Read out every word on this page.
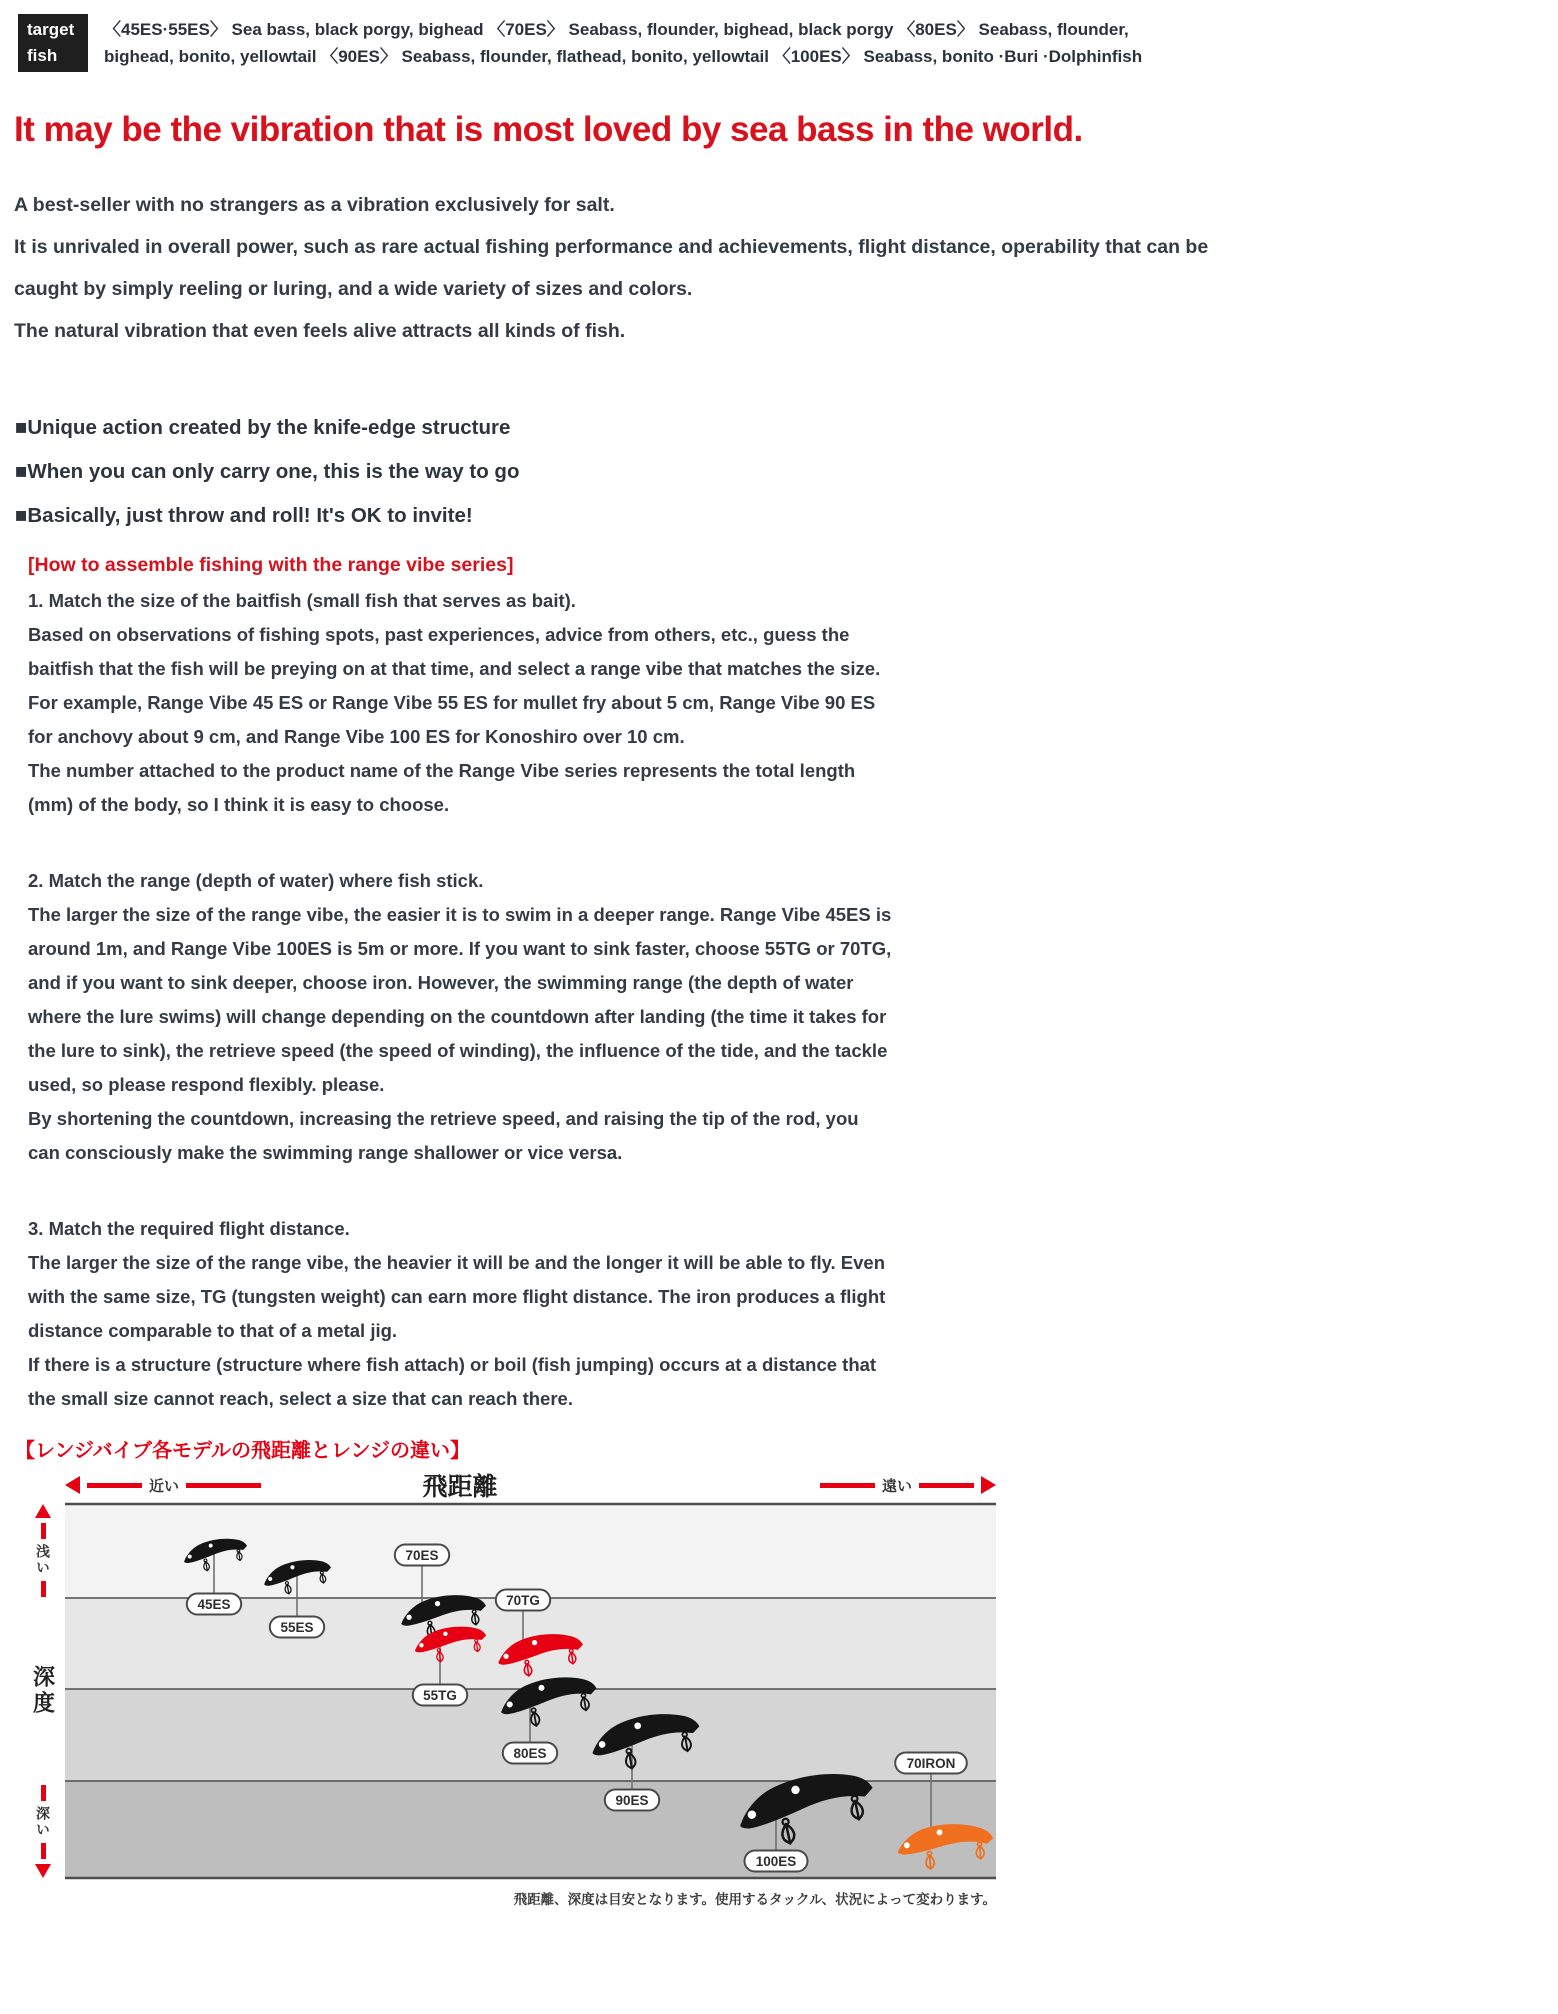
target
fish
〈45ES·55ES〉 Sea bass, black porgy, bighead 〈70ES〉 Seabass, flounder, bighead, black porgy 〈80ES〉 Seabass, flounder, bighead, bonito, yellowtail 〈90ES〉 Seabass, flounder, flathead, bonito, yellowtail 〈100ES〉 Seabass, bonito ·Buri ·Dolphinfish
It may be the vibration that is most loved by sea bass in the world.
A best-seller with no strangers as a vibration exclusively for salt.
It is unrivaled in overall power, such as rare actual fishing performance and achievements, flight distance, operability that can be caught by simply reeling or luring, and a wide variety of sizes and colors.
The natural vibration that even feels alive attracts all kinds of fish.
■Unique action created by the knife-edge structure
■When you can only carry one, this is the way to go
■Basically, just throw and roll! It's OK to invite!
[How to assemble fishing with the range vibe series]
1. Match the size of the baitfish (small fish that serves as bait).
Based on observations of fishing spots, past experiences, advice from others, etc., guess the baitfish that the fish will be preying on at that time, and select a range vibe that matches the size.
For example, Range Vibe 45 ES or Range Vibe 55 ES for mullet fry about 5 cm, Range Vibe 90 ES for anchovy about 9 cm, and Range Vibe 100 ES for Konoshiro over 10 cm.
The number attached to the product name of the Range Vibe series represents the total length (mm) of the body, so I think it is easy to choose.
2. Match the range (depth of water) where fish stick.
The larger the size of the range vibe, the easier it is to swim in a deeper range. Range Vibe 45ES is around 1m, and Range Vibe 100ES is 5m or more. If you want to sink faster, choose 55TG or 70TG, and if you want to sink deeper, choose iron. However, the swimming range (the depth of water where the lure swims) will change depending on the countdown after landing (the time it takes for the lure to sink), the retrieve speed (the speed of winding), the influence of the tide, and the tackle used, so please respond flexibly. please.
By shortening the countdown, increasing the retrieve speed, and raising the tip of the rod, you can consciously make the swimming range shallower or vice versa.
3. Match the required flight distance.
The larger the size of the range vibe, the heavier it will be and the longer it will be able to fly. Even with the same size, TG (tungsten weight) can earn more flight distance. The iron produces a flight distance comparable to that of a metal jig.
If there is a structure (structure where fish attach) or boil (fish jumping) occurs at a distance that the small size cannot reach, select a size that can reach there.
【レンジバイブ各モデルの飛距離とレンジの違い】
近い	飛距離	遠い
浅い
深度
深い
45ES
55ES
70ES
55TG
70TG
80ES
90ES
100ES
70IRON
飛距離、深度は目安となります。使用するタックル、状況によって変わります。
